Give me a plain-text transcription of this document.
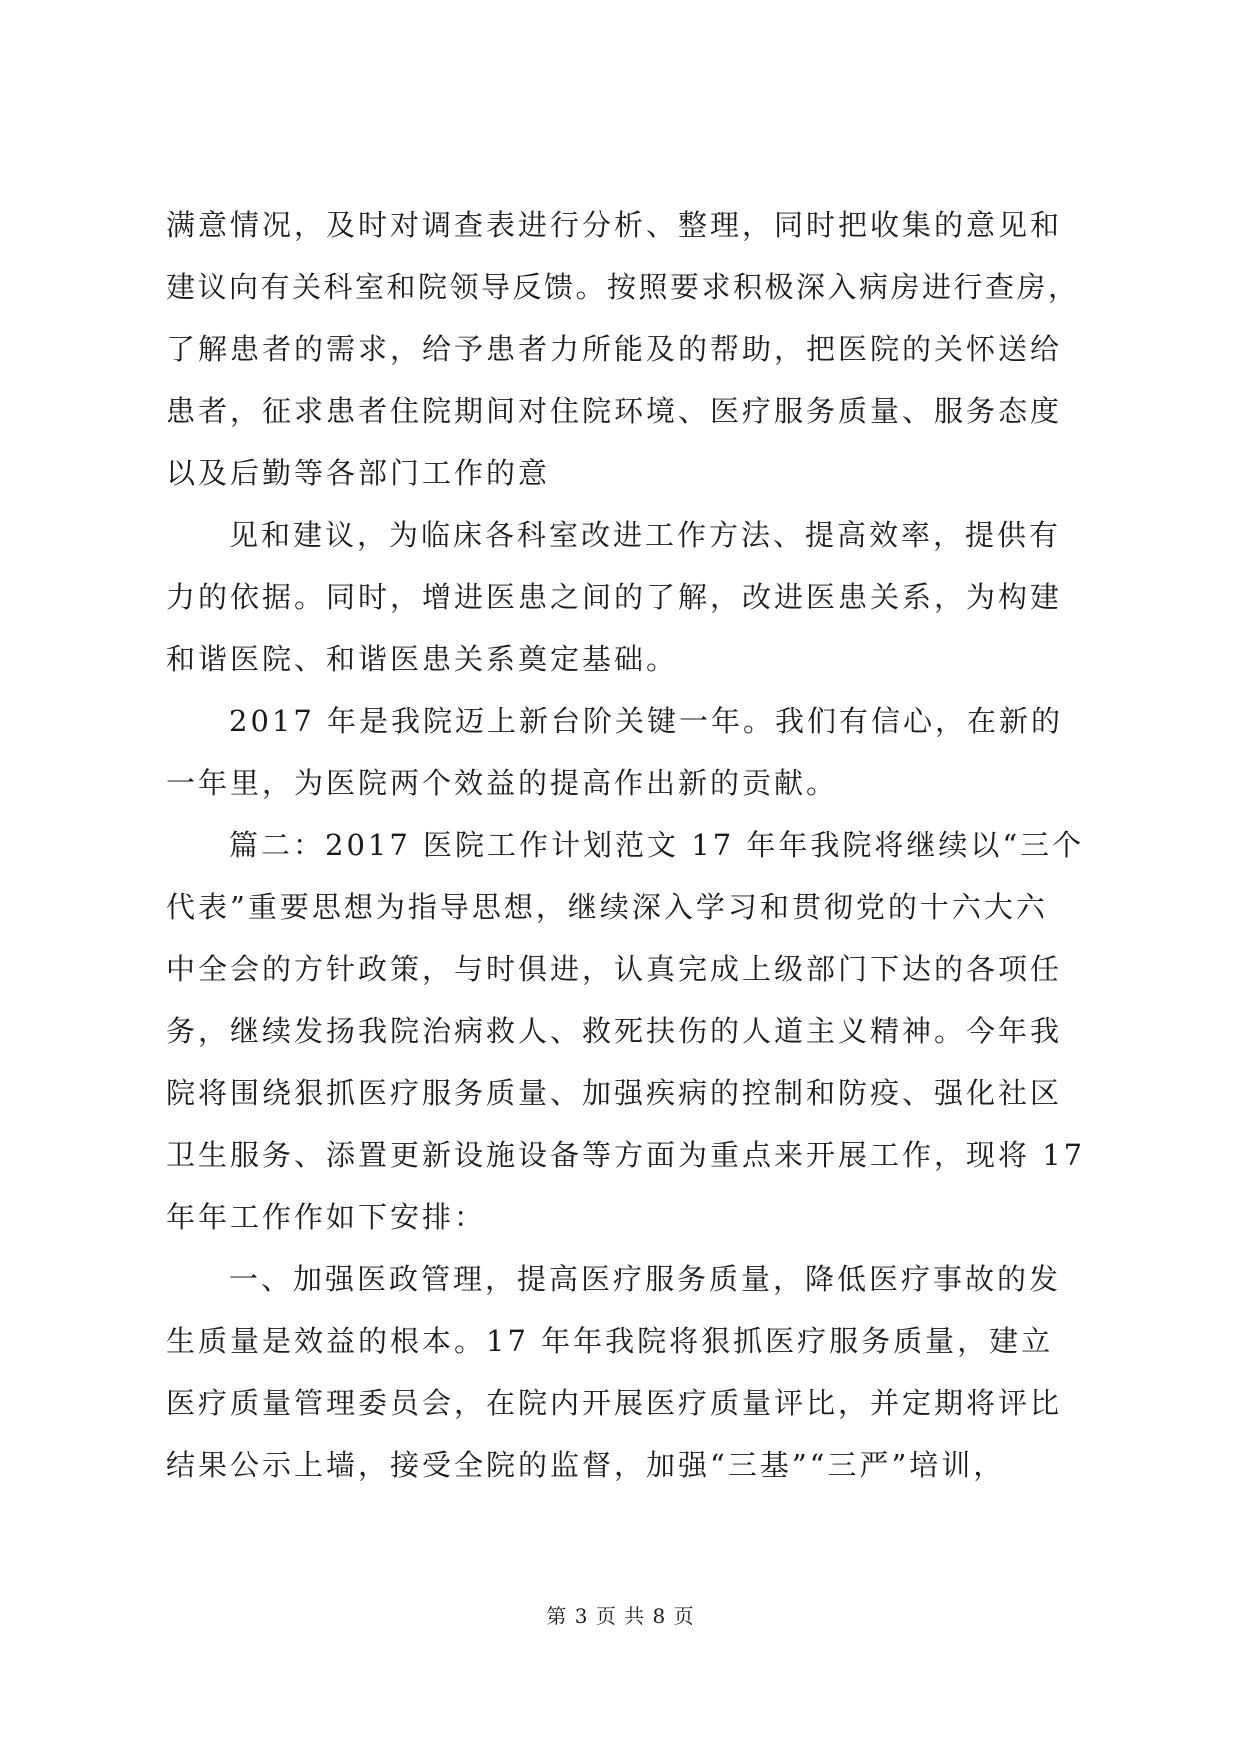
满意情况，及时对调查表进行分析、整理，同时把收集的意见和
建议向有关科室和院领导反馈。按照要求积极深入病房进行查房，
了解患者的需求，给予患者力所能及的帮助，把医院的关怀送给
患者，征求患者住院期间对住院环境、医疗服务质量、服务态度
以及后勤等各部门工作的意
见和建议，为临床各科室改进工作方法、提高效率，提供有
力的依据。同时，增进医患之间的了解，改进医患关系，为构建
和谐医院、和谐医患关系奠定基础。
2017 年是我院迈上新台阶关键一年。我们有信心，在新的
一年里，为医院两个效益的提高作出新的贡献。
篇二：2017 医院工作计划范文 17 年年我院将继续以“三个
代表”重要思想为指导思想，继续深入学习和贯彻党的十六大六
中全会的方针政策，与时俱进，认真完成上级部门下达的各项任
务，继续发扬我院治病救人、救死扶伤的人道主义精神。今年我
院将围绕狠抓医疗服务质量、加强疾病的控制和防疫、强化社区
卫生服务、添置更新设施设备等方面为重点来开展工作，现将 17
年年工作作如下安排：
一、加强医政管理，提高医疗服务质量，降低医疗事故的发
生质量是效益的根本。17 年年我院将狠抓医疗服务质量，建立
医疗质量管理委员会，在院内开展医疗质量评比，并定期将评比
结果公示上墙，接受全院的监督，加强“三基”“三严”培训，
第 3 页 共 8 页
